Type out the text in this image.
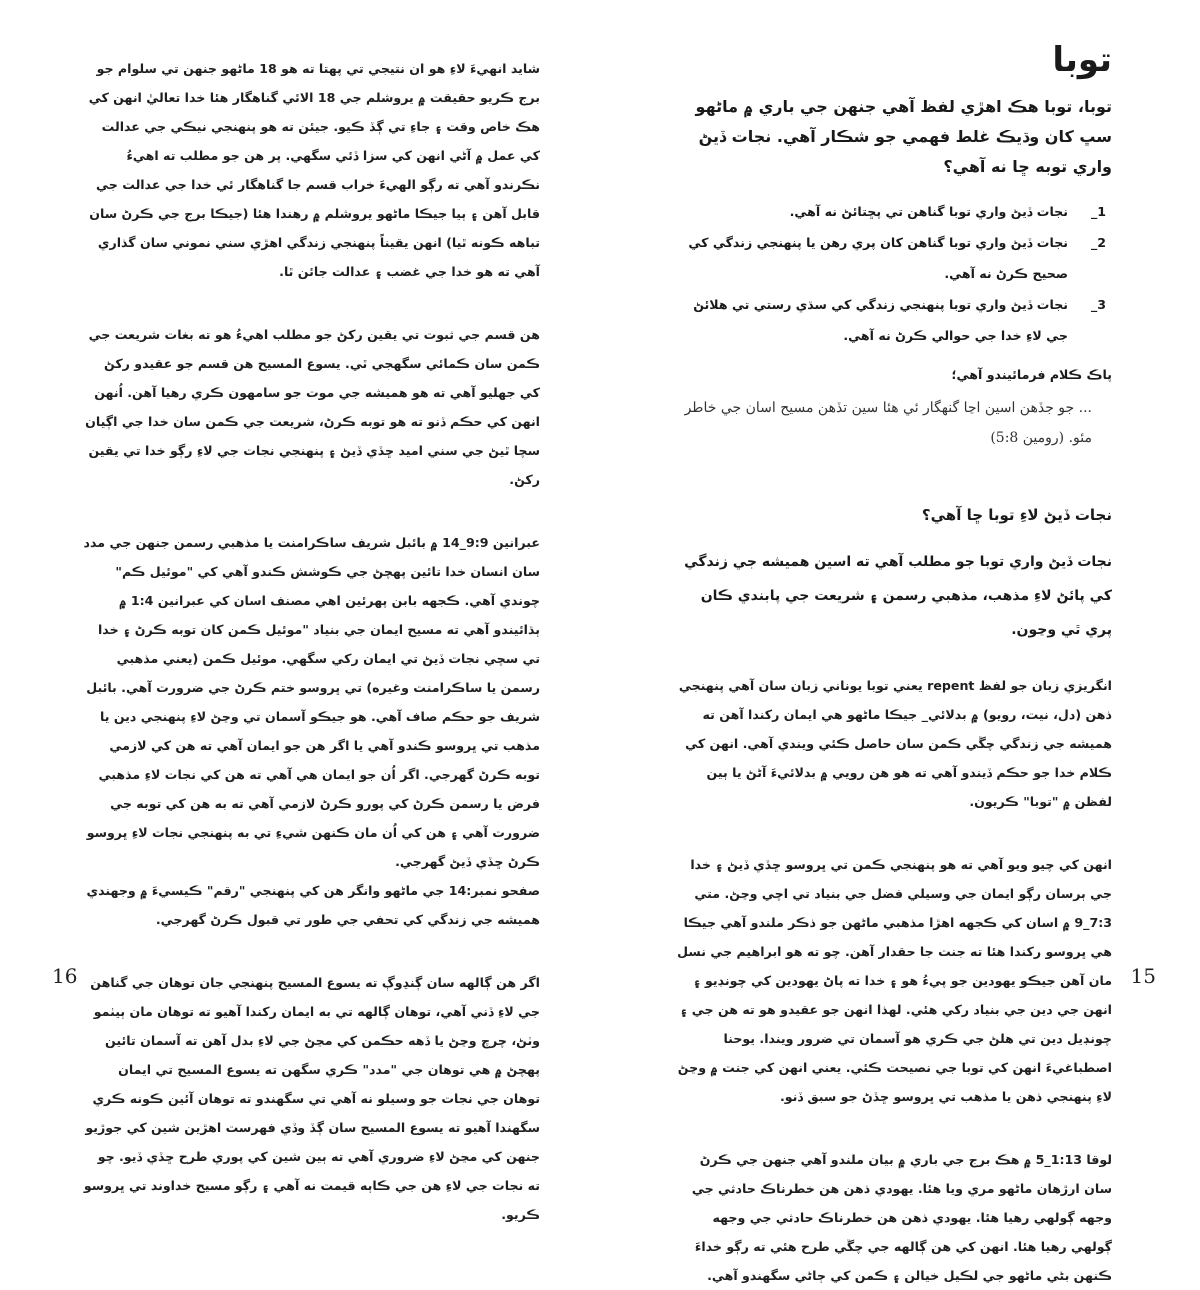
شايد انهيءَ لاءِ هو ان نتيجي تي پهتا ته هو 18 ماڻهو جنهن تي سلوام جو برج ڪريو حقيقت ۾ يروشلم جي 18 الائي گناهگار هئا خدا تعاليٰ انهن کي هڪ خاص وقت ۽ جاءِ تي ڳڏ ڪيو. جيئن ته هو پنهنجي نيڪي جي عدالت کي عمل ۾ آڻي انهن کي سزا ڏئي سگهي. پر هن جو مطلب ته اهيءُ نڪرندو آهي ته رڳو الهيءَ خراب قسم جا گناهگار ئي خدا جي عدالت جي قابل آهن ۽ ٻيا جيڪا ماڻهو يروشلم ۾ رهندا هئا (جيڪا برج جي ڪرڻ سان تباهه ڪونه ٿيا) انهن يقيناً پنهنجي زندگي اهڙي سني نموني سان گذاري آهي ته هو خدا جي غضب ۽ عدالت جائن ٿا.

هن قسم جي ثبوت تي يقين رکڻ جو مطلب اهيءُ هو ته بغات شريعت جي ڪمن سان ڪمائي سگهجي ٿي. يسوع المسيح هن قسم جو عقيدو رکڻ کي جهليو آهي ته هو هميشه جي موت جو سامهون ڪري رهيا آهن. اُنهن انهن کي حڪم ڏنو ته هو توبه ڪرڻ، شريعت جي ڪمن سان خدا جي اڳيان سچا ٿيڻ جي سني اميد ڇڏي ڏيڻ ۽ پنهنجي نجات جي لاءِ رڳو خدا تي يقين رکڻ.

عبرانين 9:9_14 ۾ بائبل شريف ساڪرامنت يا مذهبي رسمن جنهن جي مدد سان انسان خدا تائين پهچڻ جي ڪوشش ڪندو آهي کي "موئيل ڪم" چوندي آهي. ڪجهه بابن پهرئين اهي مصنف اسان کي عبرانين 1:4 ۾ ٻڌائيندو آهي ته مسيح ايمان جي بنياد "موئيل ڪمن کان توبه ڪرڻ ۽ خدا تي سچي نجات ڏيڻ تي ايمان رکي سگهي. موئيل ڪمن (يعني مذهبي رسمن يا ساڪرامنت وغيره) تي ڀروسو ختم ڪرڻ جي ضرورت آهي. بائبل شريف جو حڪم صاف آهي. هو جيڪو آسمان تي وڃڻ لاءِ پنهنجي دين يا مذهب تي ڀروسو ڪندو آهي يا اگر هن جو ايمان آهي ته هن کي لازمي توبه ڪرڻ گهرجي. اگر اُن جو ايمان هي آهي ته هن کي نجات لاءِ مذهبي فرض يا رسمن ڪرڻ کي پورو ڪرڻ لازمي آهي ته به هن کي توبه جي ضرورت آهي ۽ هن کي اُن مان ڪنهن شيءِ تي به پنهنجي نجات لاءِ ڀروسو ڪرڻ ڇڏي ڏيڻ گهرجي.

صفحو نمبر:14 جي ماڻهو وانگر هن کي پنهنجي "رقم" ڪيسيءَ ۾ وجهندي هميشه جي زندگي کي تحفي جي طور تي قبول ڪرڻ گهرجي.

اگر هن ڳالهه سان ڳنڍوڳ ته يسوع المسيح پنهنجي جان توهان جي گناهن جي لاءِ ڏني آهي، توهان ڳالهه تي به ايمان رکندا آهيو ته توهان مان ٻيٺمو وٺڻ، چرچ وڃڻ يا ڏهه حڪمن کي مڃڻ جي لاءِ بدل آهن ته آسمان تائين پهچڻ ۾ هي توهان جي "مدد" ڪري سگهن ته يسوع المسيح تي ايمان توهان جي نجات جو وسيلو نه آهي تي سگهندو ته توهان آئين ڪونه ڪري سگهندا آهيو ته يسوع المسيح سان ڳڏ وڏي فهرست اهڙين شين کي جوڙيو جنهن کي مڃڻ لاءِ ضروري آهي ته ٻين شين کي پوري طرح ڇڏي ڏيو. چو ته نجات جي لاءِ هن جي ڪاٻه قيمت نه آهي ۽ رڳو مسيح خداوند تي ڀروسو ڪريو.

16
توبا

توبا، توبا هڪ اهڙي لفظ آهي جنهن جي باري ۾ ماڻهو سڀ کان وڌيڪ غلط فهمي جو شڪار آهي. نجات ڏيڻ واري توبه ڇا نه آهي؟

1_
نجات ڏيڻ واري توبا گناهن تي پڇتائڻ نه آهي.
2_
نجات ڏيڻ واري توبا گناهن کان پري رهن يا پنهنجي زندگي کي صحيح ڪرڻ نه آهي.
3_
نجات ڏيڻ واري توبا پنهنجي زندگي کي سڌي رستي تي هلائڻ جي لاءِ خدا جي حوالي ڪرڻ نه آهي.

پاڪ ڪلام فرمائيندو آهي؛

... جو جڏهن اسين اڃا گنهگار ئي هئا سين تڏهن مسيح اسان جي خاطر مئو. (رومين 5:8)

نجات ڏيڻ لاءِ توبا ڇا آهي؟

نجات ڏيڻ واري توبا جو مطلب آهي ته اسين هميشه جي زندگي کي پائڻ لاءِ مذهب، مذهبي رسمن ۽ شريعت جي پابندي ڪان پري ٿي وڃون.

انگريزي زبان جو لفظ repent يعني توبا يوناني زبان سان آهي پنهنجي ذهن (دل، نيت، رويو) ۾ بدلائي_ جيڪا ماڻهو هي ايمان رکندا آهن ته هميشه جي زندگي چڱي ڪمن سان حاصل ڪئي ويندي آهي. انهن کي ڪلام خدا جو حڪم ڏيندو آهي ته هو هن رويي ۾ بدلائيءَ آڻڻ يا ٻين لفظن ۾ "توبا" ڪريون.

انهن کي چيو ويو آهي ته هو پنهنجي ڪمن تي ڀروسو ڇڏي ڏيڻ ۽ خدا جي ٻرسان رڳو ايمان جي وسيلي فضل جي بنياد تي اچي وڃڻ. متي 7:3_9 ۾ اسان کي ڪجهه اهڙا مذهبي ماڻهن جو ذڪر ملندو آهي جيڪا هي ڀروسو رکندا هئا ته جنت جا حقدار آهن. چو ته هو ابراهيم جي نسل مان آهن جيڪو يهودين جو پيءُ هو ۽ خدا ته پاڻ يهودين کي چونڊيو ۽ انهن جي دين جي بنياد رکي هئي. لهذا انهن جو عقيدو هو ته هن جي ۽ چونڊيل دين تي هلڻ جي ڪري هو آسمان تي ضرور ويندا. يوحنا اصطباغيءَ انهن کي توبا جي نصيحت ڪئي. يعني انهن کي جنت ۾ وڃڻ لاءِ پنهنجي ذهن يا مذهب تي ڀروسو ڇڏڻ جو سبق ڏنو.

لوقا 1:13_5 ۾ هڪ برج جي باري ۾ بيان ملندو آهي جنهن جي ڪرڻ سان ارڙهان ماڻهو مري ويا هئا. يهودي ذهن هن خطرناڪ حادثي جي وجهه ڳولهي رهيا هئا. يهودي ذهن هن خطرناڪ حادثي جي وجهه ڳولهي رهيا هئا. انهن کي هن ڳالهه جي چڱي طرح هئي ته رڳو خداءَ ڪنهن بڻي ماڻهو جي لڪيل خيالن ۽ ڪمن کي ڄاڻي سگهندو آهي.

15
